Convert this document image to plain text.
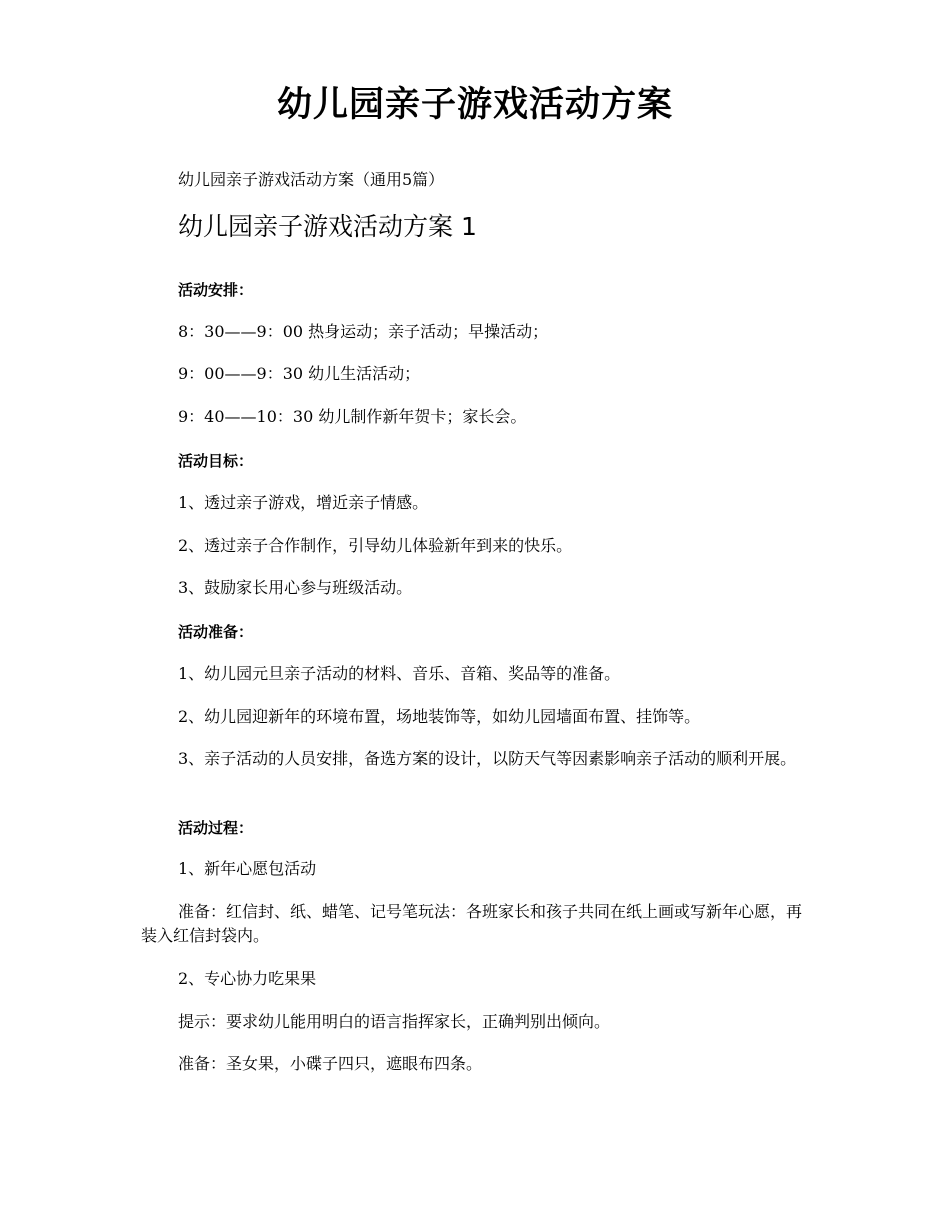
幼儿园亲子游戏活动方案

幼儿园亲子游戏活动方案（通用5篇）

幼儿园亲子游戏活动方案 1

活动安排：

8：30——9：00 热身运动；亲子活动；早操活动；

9：00——9：30 幼儿生活活动；

9：40——10：30 幼儿制作新年贺卡；家长会。

活动目标：

1、透过亲子游戏，增近亲子情感。

2、透过亲子合作制作，引导幼儿体验新年到来的快乐。

3、鼓励家长用心参与班级活动。

活动准备：

1、幼儿园元旦亲子活动的材料、音乐、音箱、奖品等的准备。

2、幼儿园迎新年的环境布置，场地装饰等，如幼儿园墙面布置、挂饰等。

3、亲子活动的人员安排，备选方案的设计，以防天气等因素影响亲子活动的顺利开展。

活动过程：

1、新年心愿包活动

准备：红信封、纸、蜡笔、记号笔玩法：各班家长和孩子共同在纸上画或写新年心愿，再装入红信封袋内。

2、专心协力吃果果

提示：要求幼儿能用明白的语言指挥家长，正确判别出倾向。

准备：圣女果，小碟子四只，遮眼布四条。
